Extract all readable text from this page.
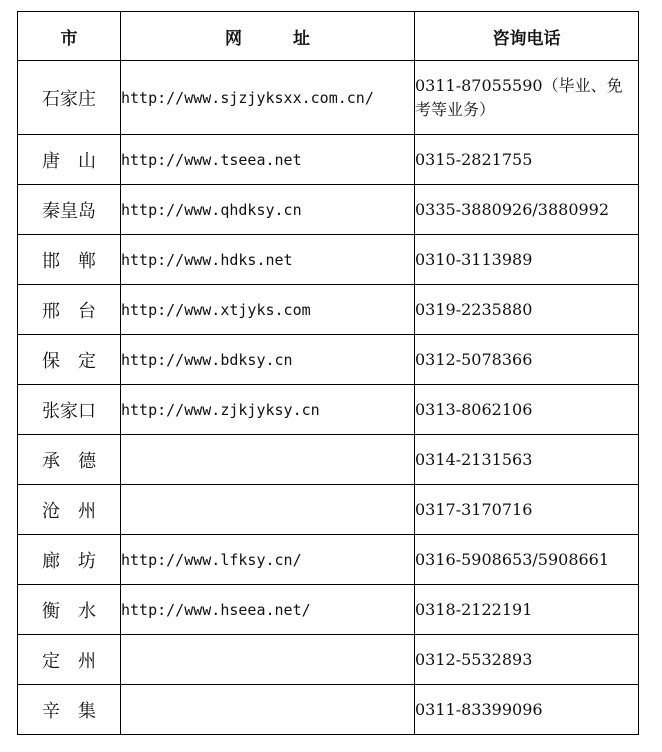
市	网　　　址	咨询电话
石家庄	http://www.sjzjyksxx.com.cn/	0311-87055590（毕业、免考等业务）
唐　山	http://www.tseea.net	0315-2821755
秦皇岛	http://www.qhdksy.cn	0335-3880926/3880992
邯　郸	http://www.hdks.net	0310-3113989
邢　台	http://www.xtjyks.com	0319-2235880
保　定	http://www.bdksy.cn	0312-5078366
张家口	http://www.zjkjyksy.cn	0313-8062106
承　德		0314-2131563
沧　州		0317-3170716
廊　坊	http://www.lfksy.cn/	0316-5908653/5908661
衡　水	http://www.hseea.net/	0318-2122191
定　州		0312-5532893
辛　集		0311-83399096
